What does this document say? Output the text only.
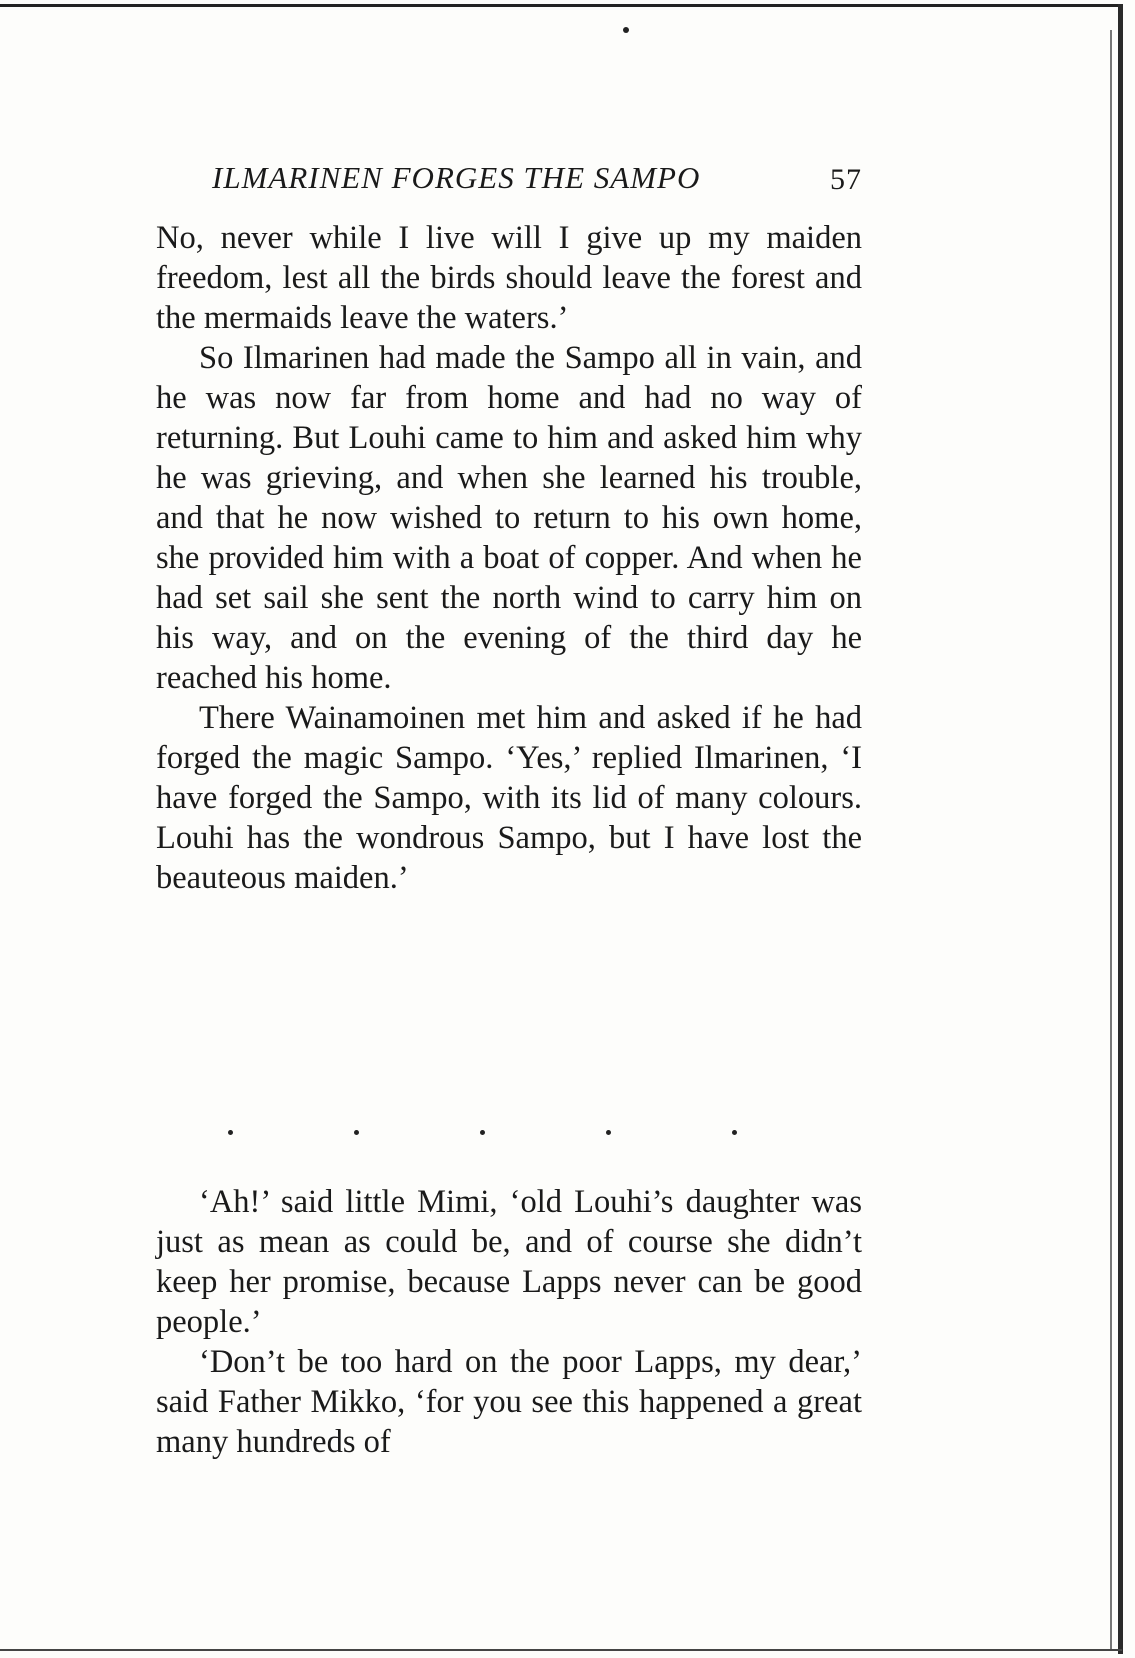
ILMARINEN FORGES THE SAMPO	57

No, never while I live will I give up my maiden freedom, lest all the birds should leave the forest and the mermaids leave the waters.’

So Ilmarinen had made the Sampo all in vain, and he was now far from home and had no way of returning. But Louhi came to him and asked him why he was grieving, and when she learned his trouble, and that he now wished to return to his own home, she provided him with a boat of copper. And when he had set sail she sent the north wind to carry him on his way, and on the evening of the third day he reached his home.

There Wainamoinen met him and asked if he had forged the magic Sampo. ‘Yes,’ replied Ilmarinen, ‘I have forged the Sampo, with its lid of many colours. Louhi has the wondrous Sampo, but I have lost the beauteous maiden.’

‘Ah!’ said little Mimi, ‘old Louhi’s daughter was just as mean as could be, and of course she didn’t keep her promise, because Lapps never can be good people.’

‘Don’t be too hard on the poor Lapps, my dear,’ said Father Mikko, ‘for you see this happened a great many hundreds of
